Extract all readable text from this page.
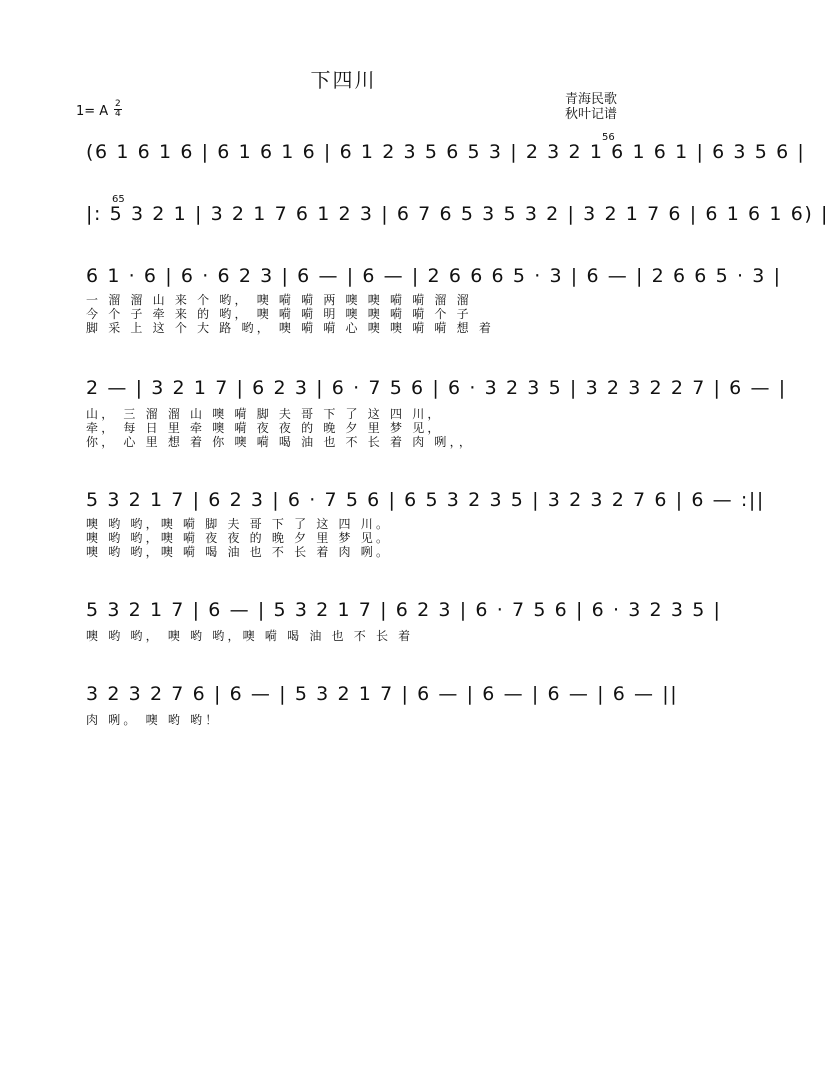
下四川
青海民歌
秋叶记谱
1= A 2
4
56
(6 1 6 1 6 | 6 1 6 1 6 | 6 1 2 3 5 6 5 3 | 2 3 2 1 6 1 6 1 | 6 3 5 6 |
65
|: 5 3 2 1 | 3 2 1 7 6 1 2 3 | 6 7 6 5 3 5 3 2 | 3 2 1 7 6 | 6 1 6 1 6) |
6 1 · 6 | 6 · 6 2 3 | 6 — | 6 — | 2 6 6 6 5 · 3 | 6 — | 2 6 6 5 · 3 |
一 溜 溜 山 来 个 哟， 噢 嗬 嗬 两 噢 噢 嗬 嗬 溜 溜
今 个 子 牵 来 的 哟， 噢 嗬 嗬 明 噢 噢 嗬 嗬 个 子
脚 采 上 这 个 大 路 哟， 噢 嗬 嗬 心 噢 噢 嗬 嗬 想 着
2 — | 3 2 1 7 | 6 2 3 | 6 · 7 5 6 | 6 · 3 2 3 5 | 3 2 3 2 2 7 | 6 — |
山， 三 溜 溜 山 噢 嗬 脚 夫 哥 下 了 这 四 川，
牵， 每 日 里 牵 噢 嗬 夜 夜 的 晚 夕 里 梦 见，
你， 心 里 想 着 你 噢 嗬 喝 油 也 不 长 着 肉 咧，，
5 3 2 1 7 | 6 2 3 | 6 · 7 5 6 | 6 5 3 2 3 5 | 3 2 3 2 7 6 | 6 — :||
噢 哟 哟，噢 嗬 脚 夫 哥 下 了 这 四 川。
噢 哟 哟，噢 嗬 夜 夜 的 晚 夕 里 梦 见。
噢 哟 哟，噢 嗬 喝 油 也 不 长 着 肉 咧。
5 3 2 1 7 | 6 — | 5 3 2 1 7 | 6 2 3 | 6 · 7 5 6 | 6 · 3 2 3 5 |
噢 哟 哟， 噢 哟 哟，噢 嗬 喝 油 也 不 长 着
3 2 3 2 7 6 | 6 — | 5 3 2 1 7 | 6 — | 6 — | 6 — | 6 — ||
肉 咧。 噢 哟 哟！
